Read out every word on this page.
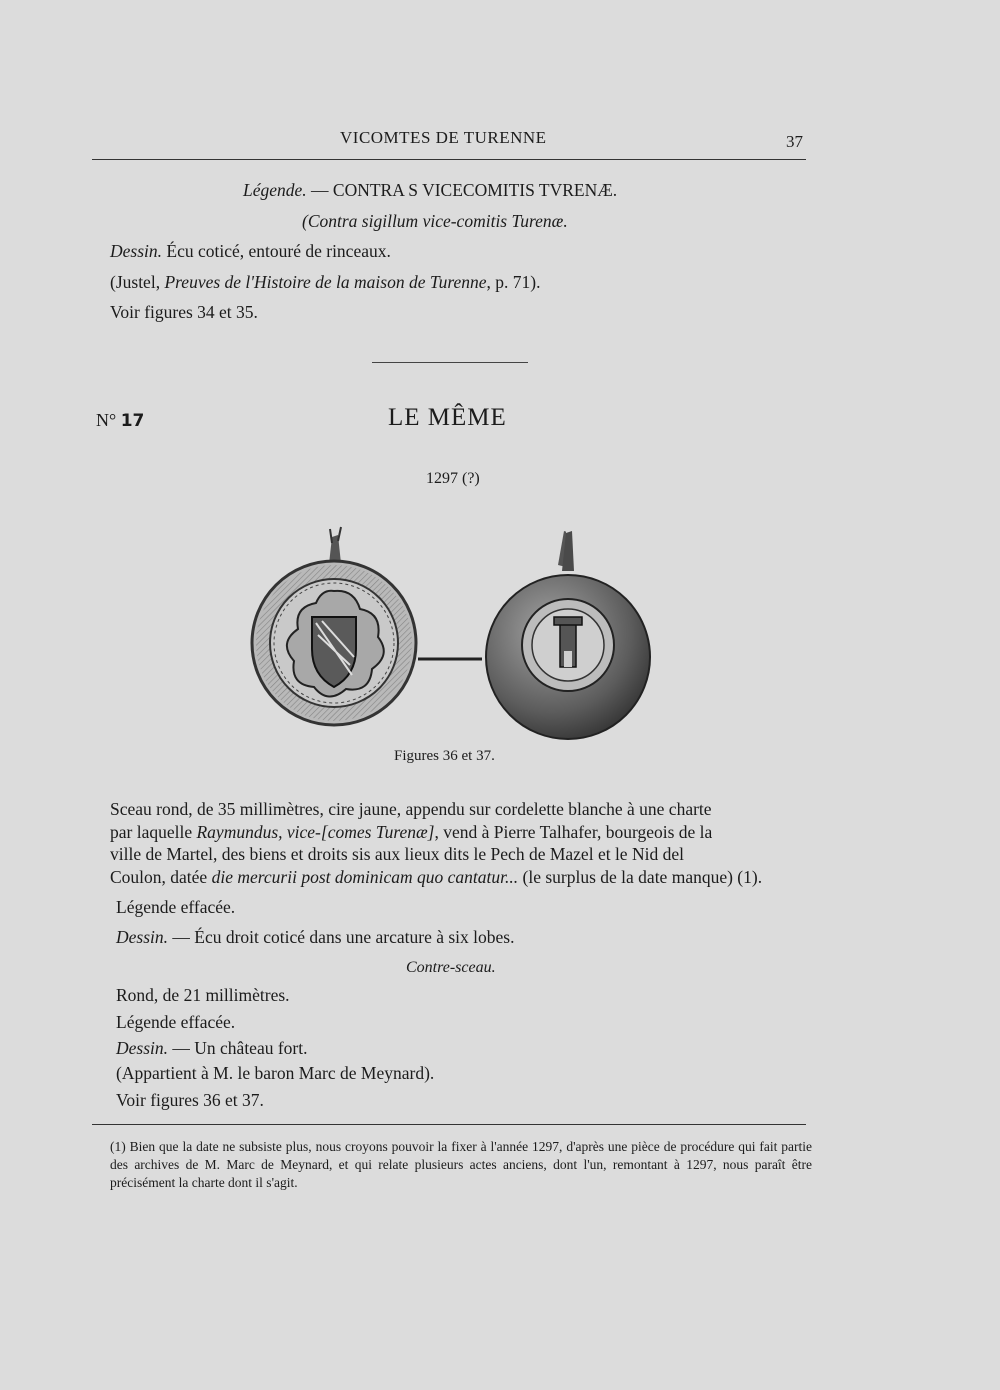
VICOMTES DE TURENNE	37
Légende. — CONTRA S VICECOMITIS TVRENÆ.
(Contra sigillum vice-comitis Turenæ.
Dessin. Écu coticé, entouré de rinceaux.
(Justel, Preuves de l'Histoire de la maison de Turenne, p. 71).
Voir figures 34 et 35.
N° 17	LE MÊME
1297 (?)
Figures 36 et 37.

Sceau rond, de 35 millimètres, cire jaune, appendu sur cordelette blanche à une charte

par laquelle Raymundus, vice-[comes Turenæ], vend à Pierre Talhafer, bourgeois de la

ville de Martel, des biens et droits sis aux lieux dits le Pech de Mazel et le Nid del

Coulon, datée die mercurii post dominicam quo cantatur... (le surplus de la date manque) (1).

Légende effacée.
Dessin. — Écu droit coticé dans une arcature à six lobes.
Contre-sceau.
Rond, de 21 millimètres.
Légende effacée.
Dessin. — Un château fort.
(Appartient à M. le baron Marc de Meynard).
Voir figures 36 et 37.
(1) Bien que la date ne subsiste plus, nous croyons pouvoir la fixer à l'année 1297, d'après une pièce de procédure qui fait partie des archives de M. Marc de Meynard, et qui relate plusieurs actes anciens, dont l'un, remontant à 1297, nous paraît être précisément la charte dont il s'agit.
